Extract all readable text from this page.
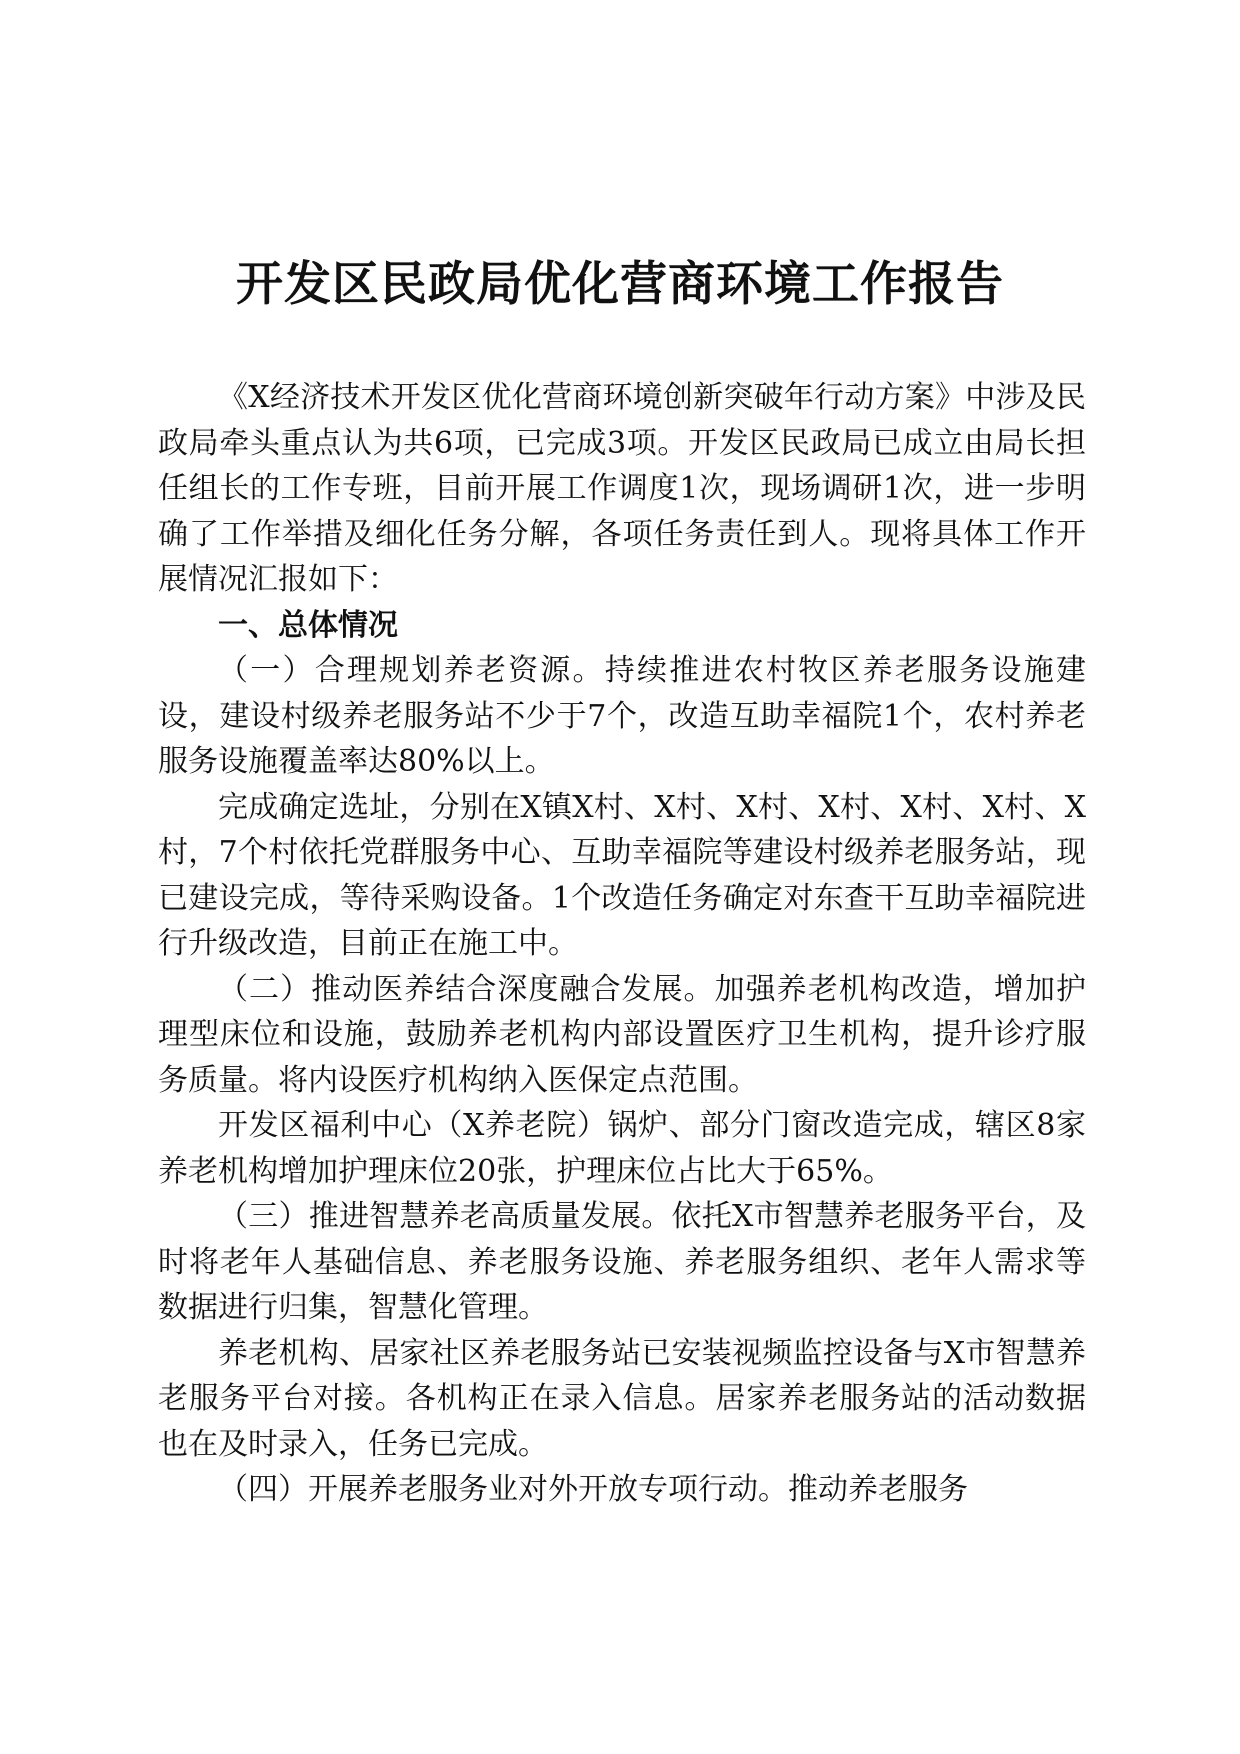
开发区民政局优化营商环境工作报告

《X经济技术开发区优化营商环境创新突破年行动方案》中涉及民政局牵头重点认为共6项，已完成3项。开发区民政局已成立由局长担任组长的工作专班，目前开展工作调度1次，现场调研1次，进一步明确了工作举措及细化任务分解，各项任务责任到人。现将具体工作开展情况汇报如下：

一、总体情况

（一）合理规划养老资源。持续推进农村牧区养老服务设施建设，建设村级养老服务站不少于7个，改造互助幸福院1个，农村养老服务设施覆盖率达80%以上。

完成确定选址，分别在X镇X村、X村、X村、X村、X村、X村、X村，7个村依托党群服务中心、互助幸福院等建设村级养老服务站，现已建设完成，等待采购设备。1个改造任务确定对东查干互助幸福院进行升级改造，目前正在施工中。

（二）推动医养结合深度融合发展。加强养老机构改造，增加护理型床位和设施，鼓励养老机构内部设置医疗卫生机构，提升诊疗服务质量。将内设医疗机构纳入医保定点范围。

开发区福利中心（X养老院）锅炉、部分门窗改造完成，辖区8家养老机构增加护理床位20张，护理床位占比大于65%。

（三）推进智慧养老高质量发展。依托X市智慧养老服务平台，及时将老年人基础信息、养老服务设施、养老服务组织、老年人需求等数据进行归集，智慧化管理。

养老机构、居家社区养老服务站已安装视频监控设备与X市智慧养老服务平台对接。各机构正在录入信息。居家养老服务站的活动数据也在及时录入，任务已完成。

（四）开展养老服务业对外开放专项行动。推动养老服务
